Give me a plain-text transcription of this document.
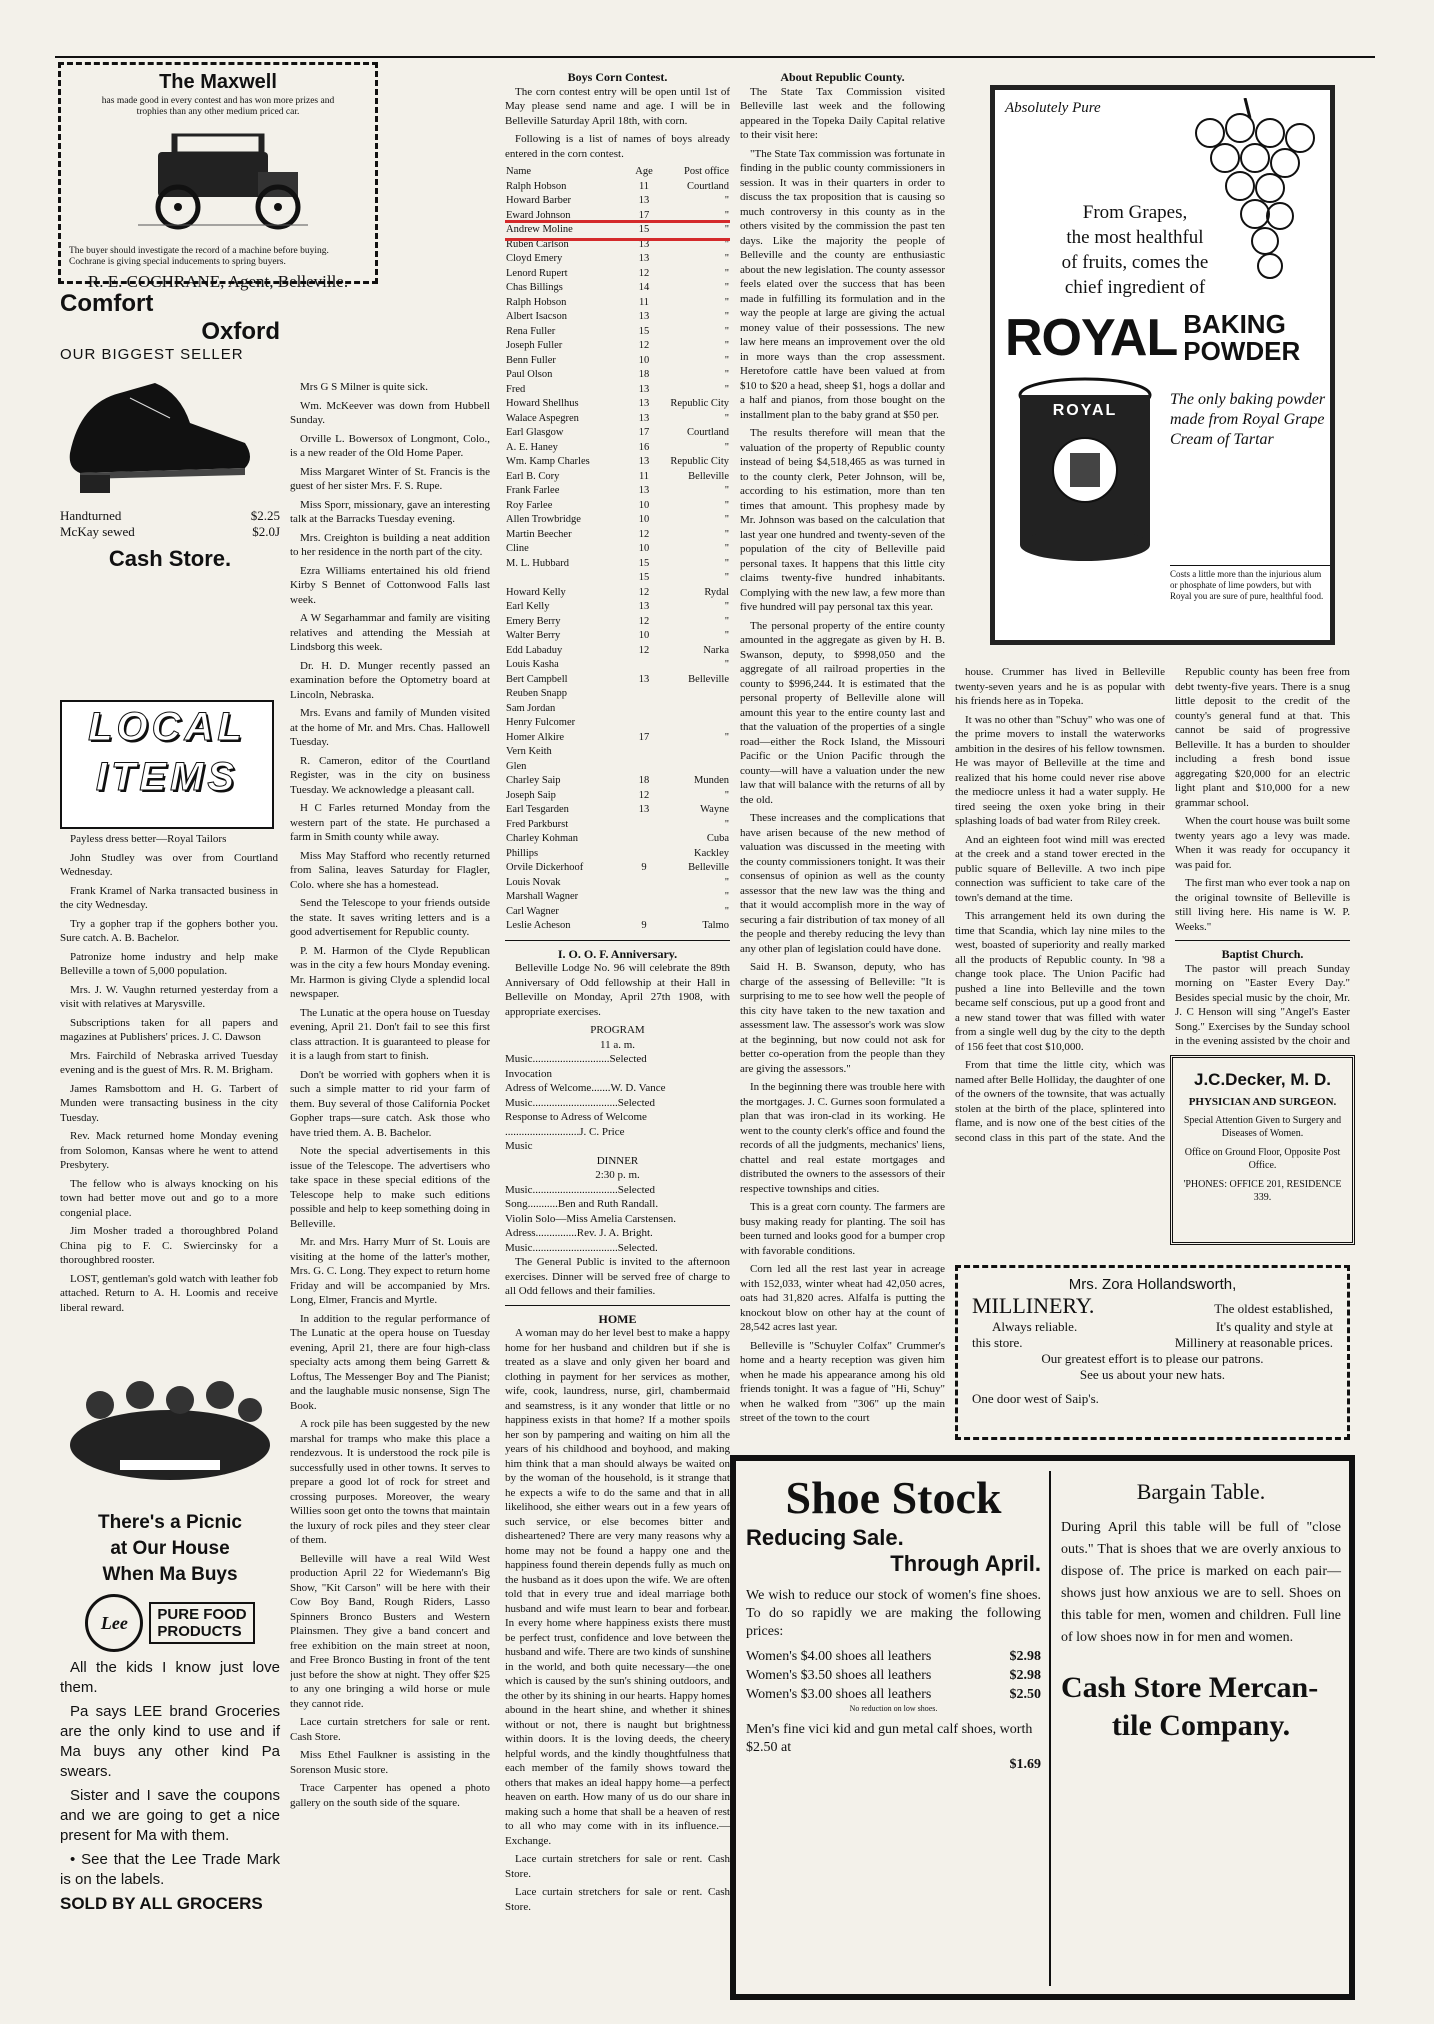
The Maxwell
has made good in every contest and has won more prizes and trophies than any other medium priced car.
The buyer should investigate the record of a machine before buying. Cochrane is giving special inducements to spring buyers.
R. E. COCHRANE, Agent, Belleville.
Comfort
Oxford
OUR BIGGEST SELLER
Handturned	$2.25
McKay sewed	$2.0J
Cash Store.
LOCAL
ITEMS

Payless dress better—Royal Tailors

John Studley was over from Courtland Wednesday.

Frank Kramel of Narka transacted business in the city Wednesday.

Try a gopher trap if the gophers bother you. Sure catch. A. B. Bachelor.

Patronize home industry and help make Belleville a town of 5,000 population.

Mrs. J. W. Vaughn returned yesterday from a visit with relatives at Marysville.

Subscriptions taken for all papers and magazines at Publishers' prices. J. C. Dawson

Mrs. Fairchild of Nebraska arrived Tuesday evening and is the guest of Mrs. R. M. Brigham.

James Ramsbottom and H. G. Tarbert of Munden were transacting business in the city Tuesday.

Rev. Mack returned home Monday evening from Solomon, Kansas where he went to attend Presbytery.

The fellow who is always knocking on his town had better move out and go to a more congenial place.

Jim Mosher traded a thoroughbred Poland China pig to F. C. Swiercinsky for a thoroughbred rooster.

LOST, gentleman's gold watch with leather fob attached. Return to A. H. Loomis and receive liberal reward.

There's a Picnic
at Our House
When Ma Buys
Lee	PURE FOOD
PRODUCTS

All the kids I know just love them.

Pa says LEE brand Groceries are the only kind to use and if Ma buys any other kind Pa swears.

Sister and I save the coupons and we are going to get a nice present for Ma with them.

• See that the Lee Trade Mark is on the labels.

SOLD BY ALL GROCERS

Mrs G S Milner is quite sick.

Wm. McKeever was down from Hubbell Sunday.

Orville L. Bowersox of Longmont, Colo., is a new reader of the Old Home Paper.

Miss Margaret Winter of St. Francis is the guest of her sister Mrs. F. S. Rupe.

Miss Sporr, missionary, gave an interesting talk at the Barracks Tuesday evening.

Mrs. Creighton is building a neat addition to her residence in the north part of the city.

Ezra Williams entertained his old friend Kirby S Bennet of Cottonwood Falls last week.

A W Segarhammar and family are visiting relatives and attending the Messiah at Lindsborg this week.

Dr. H. D. Munger recently passed an examination before the Optometry board at Lincoln, Nebraska.

Mrs. Evans and family of Munden visited at the home of Mr. and Mrs. Chas. Hallowell Tuesday.

R. Cameron, editor of the Courtland Register, was in the city on business Tuesday. We acknowledge a pleasant call.

H C Farles returned Monday from the western part of the state. He purchased a farm in Smith county while away.

Miss May Stafford who recently returned from Salina, leaves Saturday for Flagler, Colo. where she has a homestead.

Send the Telescope to your friends outside the state. It saves writing letters and is a good advertisement for Republic county.

P. M. Harmon of the Clyde Republican was in the city a few hours Monday evening. Mr. Harmon is giving Clyde a splendid local newspaper.

The Lunatic at the opera house on Tuesday evening, April 21. Don't fail to see this first class attraction. It is guaranteed to please for it is a laugh from start to finish.

Don't be worried with gophers when it is such a simple matter to rid your farm of them. Buy several of those California Pocket Gopher traps—sure catch. Ask those who have tried them. A. B. Bachelor.

Note the special advertisements in this issue of the Telescope. The advertisers who take space in these special editions of the Telescope help to make such editions possible and help to keep something doing in Belleville.

Mr. and Mrs. Harry Murr of St. Louis are visiting at the home of the latter's mother, Mrs. G. C. Long. They expect to return home Friday and will be accompanied by Mrs. Long, Elmer, Francis and Myrtle.

In addition to the regular performance of The Lunatic at the opera house on Tuesday evening, April 21, there are four high-class specialty acts among them being Garrett & Loftus, The Messenger Boy and The Pianist; and the laughable music nonsense, Sign The Book.

A rock pile has been suggested by the new marshal for tramps who make this place a rendezvous. It is understood the rock pile is successfully used in other towns. It serves to prepare a good lot of rock for street and crossing purposes. Moreover, the weary Willies soon get onto the towns that maintain the luxury of rock piles and they steer clear of them.

Belleville will have a real Wild West production April 22 for Wiedemann's Big Show, "Kit Carson" will be here with their Cow Boy Band, Rough Riders, Lasso Spinners Bronco Busters and Western Plainsmen. They give a band concert and free exhibition on the main street at noon, and Free Bronco Busting in front of the tent just before the show at night. They offer $25 to any one bringing a wild horse or mule they cannot ride.

Lace curtain stretchers for sale or rent. Cash Store.

Miss Ethel Faulkner is assisting in the Sorenson Music store.

Trace Carpenter has opened a photo gallery on the south side of the square.

Boys Corn Contest.

The corn contest entry will be open until 1st of May please send name and age. I will be in Belleville Saturday April 18th, with corn.

Following is a list of names of boys already entered in the corn contest.

Name	Age	Post office
Ralph Hobson	11	Courtland
Howard Barber	13	"
Eward Johnson	17	"
Andrew Moline	15	"
Ruben Carlson	13	"
Cloyd Emery	13	"
Lenord Rupert	12	"
Chas Billings	14	"
Ralph Hobson	11	"
Albert Isacson	13	"
Rena Fuller	15	"
Joseph Fuller	12	"
Benn Fuller	10	"
Paul Olson	18	"
Fred	13	"
Howard Shellhus	13	Republic City
Walace Aspegren	13	"
Earl Glasgow	17	Courtland
A. E. Haney	16	"
Wm. Kamp Charles	13	Republic City
Earl B. Cory	11	Belleville
Frank Farlee	13	"
Roy Farlee	10	"
Allen Trowbridge	10	"
Martin Beecher	12	"
Cline	10	"
M. L. Hubbard	15	"
	15	"
Howard Kelly	12	Rydal
Earl Kelly	13	"
Emery Berry	12	"
Walter Berry	10	"
Edd Labaduy	12	Narka
Louis Kasha		"
Bert Campbell	13	Belleville
Reuben Snapp		
Sam Jordan		
Henry Fulcomer		
Homer Alkire	17	"
Vern Keith		
Glen		
Charley Saip	18	Munden
Joseph Saip	12	"
Earl Tesgarden	13	Wayne
Fred Parkburst		"
Charley Kohman		Cuba
Phillips		Kackley
Orvile Dickerhoof	9	Belleville
Louis Novak		"
Marshall Wagner		"
Carl Wagner		"
Leslie Acheson	9	Talmo
I. O. O. F. Anniversary.

Belleville Lodge No. 96 will celebrate the 89th Anniversary of Odd fellowship at their Hall in Belleville on Monday, April 27th 1908, with appropriate exercises.

PROGRAM
11 a. m.
Music............................Selected
Invocation
Adress of Welcome.......W. D. Vance
Music...............................Selected
Response to Adress of Welcome
...........................J. C. Price
Music
DINNER
2:30 p. m.
Music...............................Selected
Song...........Ben and Ruth Randall.
Violin Solo—Miss Amelia Carstensen.
Adress...............Rev. J. A. Bright.
Music...............................Selected.

The General Public is invited to the afternoon exercises. Dinner will be served free of charge to all Odd fellows and their families.

HOME

A woman may do her level best to make a happy home for her husband and children but if she is treated as a slave and only given her board and clothing in payment for her services as mother, wife, cook, laundress, nurse, girl, chambermaid and seamstress, is it any wonder that little or no happiness exists in that home? If a mother spoils her son by pampering and waiting on him all the years of his childhood and boyhood, and making him think that a man should always be waited on by the woman of the household, is it strange that he expects a wife to do the same and that in all likelihood, she either wears out in a few years of such service, or else becomes bitter and disheartened? There are very many reasons why a home may not be found a happy one and the happiness found therein depends fully as much on the husband as it does upon the wife. We are often told that in every true and ideal marriage both husband and wife must learn to bear and forbear. In every home where happiness exists there must be perfect trust, confidence and love between the husband and wife. There are two kinds of sunshine in the world, and both quite necessary—the one which is caused by the sun's shining outdoors, and the other by its shining in our hearts. Happy homes abound in the heart shine, and whether it shines without or not, there is naught but brightness within doors. It is the loving deeds, the cheery helpful words, and the kindly thoughtfulness that each member of the family shows toward the others that makes an ideal happy home—a perfect heaven on earth. How many of us do our share in making such a home that shall be a heaven of rest to all who may come with in its influence.—Exchange.

Lace curtain stretchers for sale or rent. Cash Store.

Lace curtain stretchers for sale or rent. Cash Store.

About Republic County.

The State Tax Commission visited Belleville last week and the following appeared in the Topeka Daily Capital relative to their visit here:

"The State Tax commission was fortunate in finding in the public county commissioners in session. It was in their quarters in order to discuss the tax proposition that is causing so much controversy in this county as in the others visited by the commission the past ten days. Like the majority the people of Belleville and the county are enthusiastic about the new legislation. The county assessor feels elated over the success that has been made in fulfilling its formulation and in the way the people at large are giving the actual money value of their possessions. The new law here means an improvement over the old in more ways than the crop assessment. Heretofore cattle have been valued at from $10 to $20 a head, sheep $1, hogs a dollar and a half and pianos, from those bought on the installment plan to the baby grand at $50 per.

The results therefore will mean that the valuation of the property of Republic county instead of being $4,518,465 as was turned in to the county clerk, Peter Johnson, will be, according to his estimation, more than ten times that amount. This prophesy made by Mr. Johnson was based on the calculation that last year one hundred and twenty-seven of the population of the city of Belleville paid personal taxes. It happens that this little city claims twenty-five hundred inhabitants. Complying with the new law, a few more than five hundred will pay personal tax this year.

The personal property of the entire county amounted in the aggregate as given by H. B. Swanson, deputy, to $998,050 and the aggregate of all railroad properties in the county to $996,244. It is estimated that the personal property of Belleville alone will amount this year to the entire county last and that the valuation of the properties of a single road—either the Rock Island, the Missouri Pacific or the Union Pacific through the county—will have a valuation under the new law that will balance with the returns of all by the old.

These increases and the complications that have arisen because of the new method of valuation was discussed in the meeting with the county commissioners tonight. It was their consensus of opinion as well as the county assessor that the new law was the thing and that it would accomplish more in the way of securing a fair distribution of tax money of all the people and thereby reducing the levy than any other plan of legislation could have done.

Said H. B. Swanson, deputy, who has charge of the assessing of Belleville: "It is surprising to me to see how well the people of this city have taken to the new taxation and assessment law. The assessor's work was slow at the beginning, but now could not ask for better co-operation from the people than they are giving the assessors."

In the beginning there was trouble here with the mortgages. J. C. Gurnes soon formulated a plan that was iron-clad in its working. He went to the county clerk's office and found the records of all the judgments, mechanics' liens, chattel and real estate mortgages and distributed the owners to the assessors of their respective townships and cities.

This is a great corn county. The farmers are busy making ready for planting. The soil has been turned and looks good for a bumper crop with favorable conditions.

Corn led all the rest last year in acreage with 152,033, winter wheat had 42,050 acres, oats had 31,820 acres. Alfalfa is putting the knockout blow on other hay at the count of 28,542 acres last year.

Belleville is "Schuyler Colfax" Crummer's home and a hearty reception was given him when he made his appearance among his old friends tonight. It was a fague of "Hi, Schuy" when he walked from "306" up the main street of the town to the court

Absolutely Pure
From Grapes,
the most healthful
of fruits, comes the
chief ingredient of
ROYAL BAKING
POWDER
ROYAL
The only baking powder made from Royal Grape Cream of Tartar
Costs a little more than the injurious alum or phosphate of lime powders, but with Royal you are sure of pure, healthful food.

house. Crummer has lived in Belleville twenty-seven years and he is as popular with his friends here as in Topeka.

It was no other than "Schuy" who was one of the prime movers to install the waterworks ambition in the desires of his fellow townsmen. He was mayor of Belleville at the time and realized that his home could never rise above the mediocre unless it had a water supply. He tired seeing the oxen yoke bring in their splashing loads of bad water from Riley creek.

And an eighteen foot wind mill was erected at the creek and a stand tower erected in the public square of Belleville. A two inch pipe connection was sufficient to take care of the town's demand at the time.

This arrangement held its own during the time that Scandia, which lay nine miles to the west, boasted of superiority and really marked all the products of Republic county. In '98 a change took place. The Union Pacific had pushed a line into Belleville and the town became self conscious, put up a good front and a new stand tower that was filled with water from a single well dug by the city to the depth of 156 feet that cost $10,000.

From that time the little city, which was named after Belle Holliday, the daughter of one of the owners of the townsite, that was actually stolen at the birth of the place, splintered into flame, and is now one of the best cities of the second class in this part of the state. And the

Republic county has been free from debt twenty-five years. There is a snug little deposit to the credit of the county's general fund at that. This cannot be said of progressive Belleville. It has a burden to shoulder including a fresh bond issue aggregating $20,000 for an electric light plant and $10,000 for a new grammar school.

When the court house was built some twenty years ago a levy was made. When it was ready for occupancy it was paid for.

The first man who ever took a nap on the original townsite of Belleville is still living here. His name is W. P. Weeks."

Baptist Church.

The pastor will preach Sunday morning on "Easter Every Day." Besides special music by the choir, Mr. J. C Henson will sing "Angel's Easter Song." Exercises by the Sunday school in the evening assisted by the choir and

J.C.Decker, M. D.
PHYSICIAN AND SURGEON.
Special Attention Given to Surgery and Diseases of Women.
Office on Ground Floor, Opposite Post Office.
'PHONES: OFFICE 201, RESIDENCE 339.
Mrs. Zora Hollandsworth,
MILLINERY.	The oldest established,
Always reliable.	It's quality and style at
this store.	Millinery at reasonable prices.
Our greatest effort is to please our patrons.
See us about your new hats.
One door west of Saip's.
Shoe Stock
Reducing Sale.
Through April.
We wish to reduce our stock of women's fine shoes. To do so rapidly we are making the following prices:
Women's $4.00 shoes all leathers	$2.98
Women's $3.50 shoes all leathers	$2.98
Women's $3.00 shoes all leathers	$2.50
No reduction on low shoes.
Men's fine vici kid and gun metal calf shoes, worth $2.50 at
$1.69
Bargain Table.
During April this table will be full of "close outs." That is shoes that we are overly anxious to dispose of. The price is marked on each pair—shows just how anxious we are to sell. Shoes on this table for men, women and children. Full line of low shoes now in for men and women.
Cash Store Mercan-
tile Company.
